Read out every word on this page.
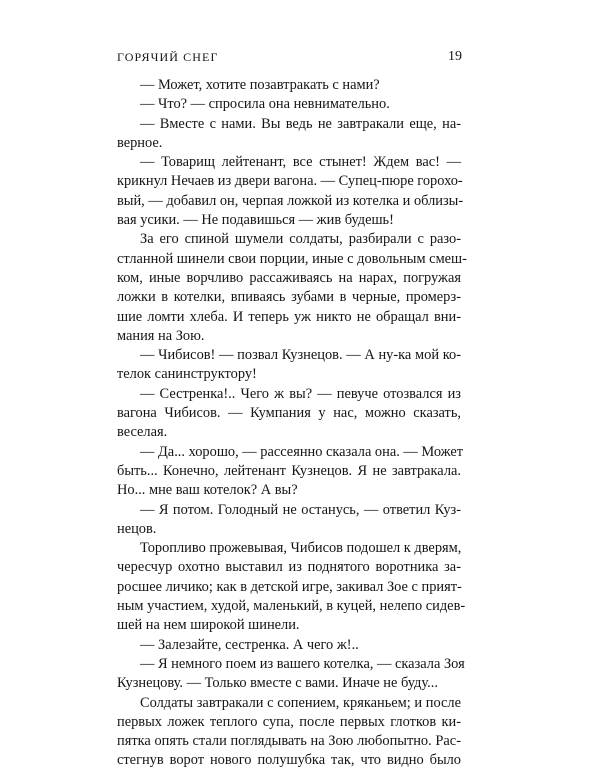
ГОРЯЧИЙ СНЕГ	19
— Может, хотите позавтракать с нами?
— Что? — спросила она невнимательно.
— Вместе с нами. Вы ведь не завтракали еще, на-
верное.
— Товарищ лейтенант, все стынет! Ждем вас! —
крикнул Нечаев из двери вагона. — Супец-пюре горохо-
вый, — добавил он, черпая ложкой из котелка и облизы-
вая усики. — Не подавишься — жив будешь!
За его спиной шумели солдаты, разбирали с разо-
стланной шинели свои порции, иные с довольным смеш-
ком, иные ворчливо рассаживаясь на нарах, погружая
ложки в котелки, впиваясь зубами в черные, промерз-
шие ломти хлеба. И теперь уж никто не обращал вни-
мания на Зою.
— Чибисов! — позвал Кузнецов. — А ну-ка мой ко-
телок санинструктору!
— Сестренка!.. Чего ж вы? — певуче отозвался из
вагона Чибисов. — Кумпания у нас, можно сказать,
веселая.
— Да... хорошо, — рассеянно сказала она. — Может
быть... Конечно, лейтенант Кузнецов. Я не завтракала.
Но... мне ваш котелок? А вы?
— Я потом. Голодный не останусь, — ответил Куз-
нецов.
Торопливо прожевывая, Чибисов подошел к дверям,
чересчур охотно выставил из поднятого воротника за-
росшее личико; как в детской игре, закивал Зое с прият-
ным участием, худой, маленький, в куцей, нелепо сидев-
шей на нем широкой шинели.
— Залезайте, сестренка. А чего ж!..
— Я немного поем из вашего котелка, — сказала Зоя
Кузнецову. — Только вместе с вами. Иначе не буду...
Солдаты завтракали с сопением, кряканьем; и после
первых ложек теплого супа, после первых глотков ки-
пятка опять стали поглядывать на Зою любопытно. Рас-
стегнув ворот нового полушубка так, что видно было
